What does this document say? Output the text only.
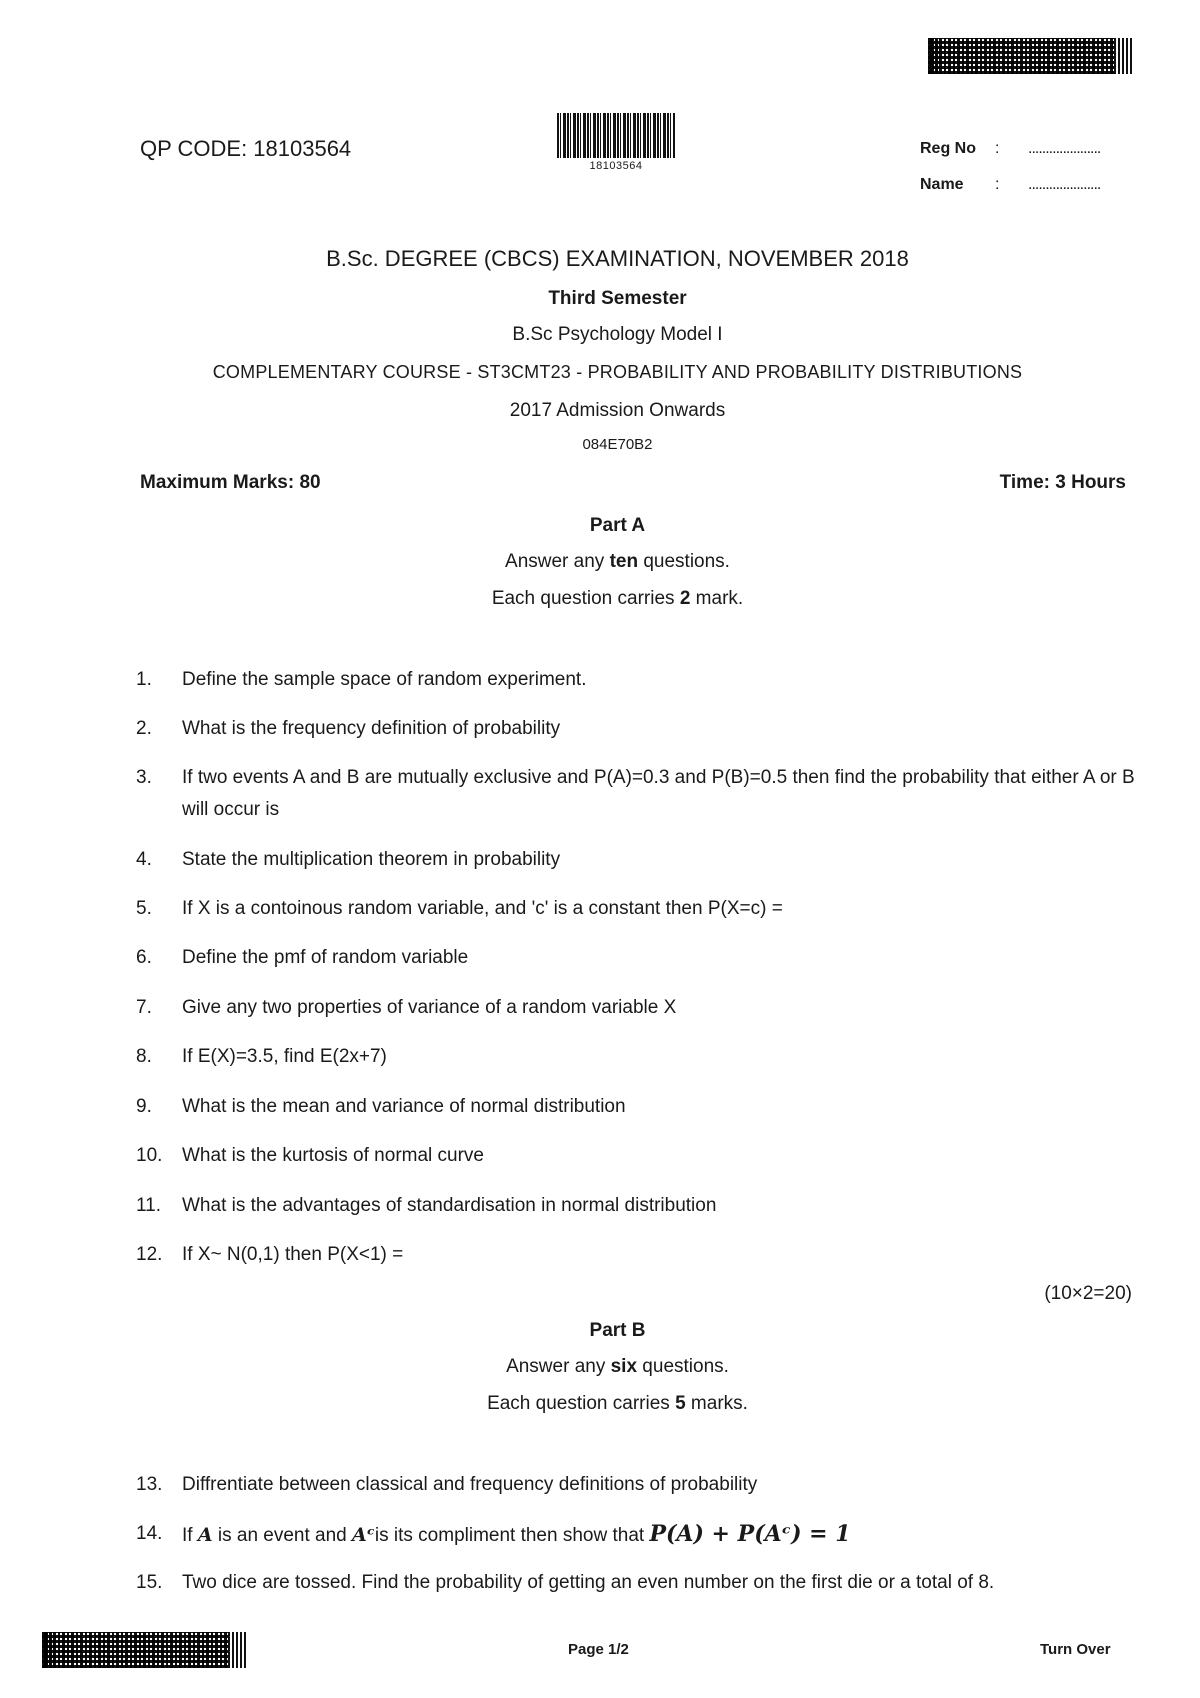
QP CODE: 18103564
18103564
Reg No : .....................
Name : .....................
B.Sc. DEGREE (CBCS) EXAMINATION, NOVEMBER 2018
Third Semester
B.Sc Psychology Model I
COMPLEMENTARY COURSE - ST3CMT23 - PROBABILITY AND PROBABILITY DISTRIBUTIONS
2017 Admission Onwards
084E70B2
Maximum Marks: 80	Time: 3 Hours
Part A
Answer any ten questions.
Each question carries 2 mark.
1.	Define the sample space of random experiment.
2.	What is the frequency definition of probability
3.	If two events A and B are mutually exclusive and P(A)=0.3 and P(B)=0.5 then find the probability that either A or B will occur is
4.	State the multiplication theorem in probability
5.	If X is a contoinous random variable, and 'c' is a constant then P(X=c) =
6.	Define the pmf of random variable
7.	Give any two properties of variance of a random variable X
8.	If E(X)=3.5, find E(2x+7)
9.	What is the mean and variance of normal distribution
10.	What is the kurtosis of normal curve
11.	What is the advantages of standardisation in normal distribution
12.	If X~ N(0,1) then P(X<1) =
(10×2=20)
Part B
Answer any six questions.
Each question carries 5 marks.
13.	Diffrentiate between classical and frequency definitions of probability
14.	If A is an event and Aᶜis its compliment then show that P(A) + P(Aᶜ) = 1
15.	Two dice are tossed. Find the probability of getting an even number on the first die or a total of 8.
Page 1/2	Turn Over
